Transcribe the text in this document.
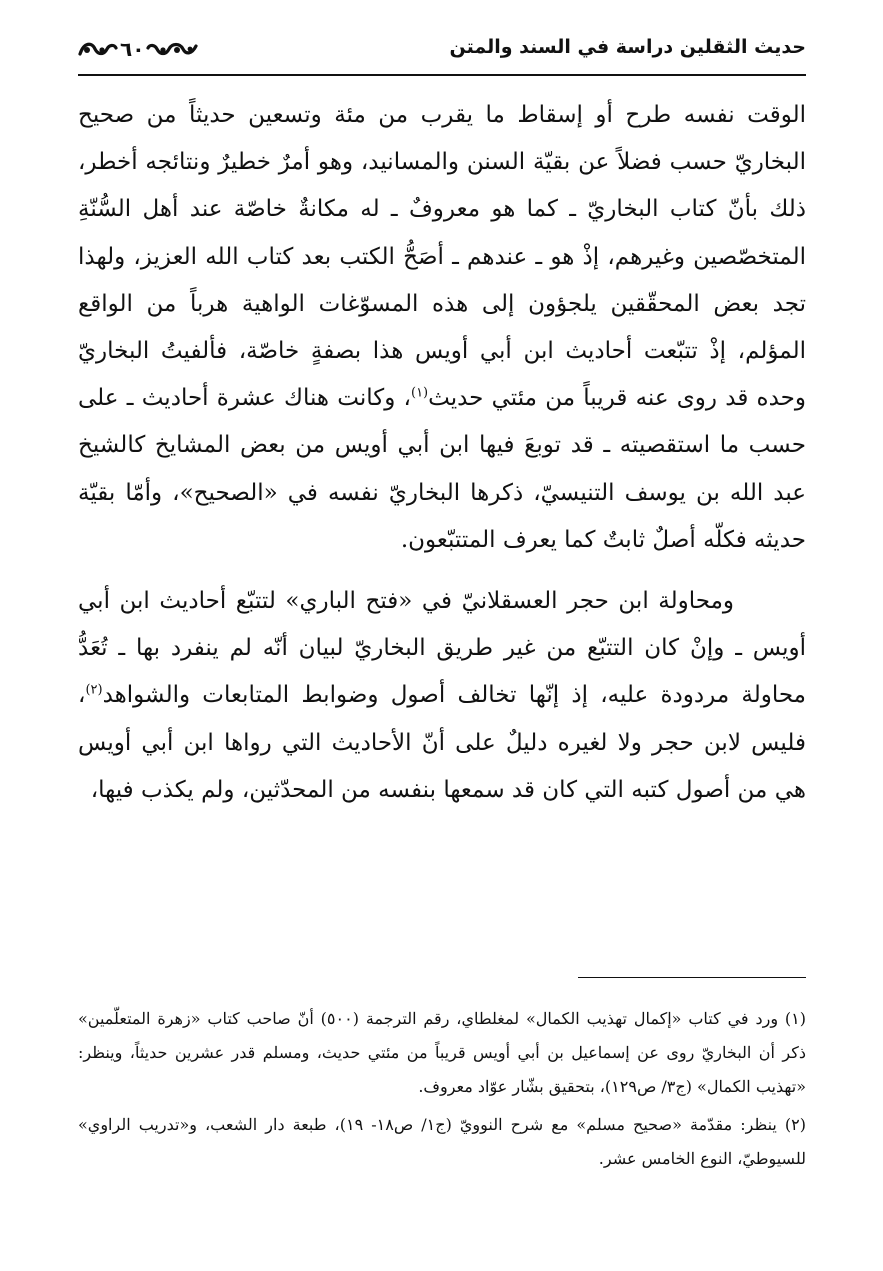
حديث الثقلين دراسة في السند والمتن
٦٠

الوقت نفسه طرح أو إسقاط ما يقرب من مئة وتسعين حديثاً من صحيح البخاريّ حسب فضلاً عن بقيّة السنن والمسانيد، وهو أمرٌ خطيرٌ ونتائجه أخطر، ذلك بأنّ كتاب البخاريّ ـ كما هو معروفٌ ـ له مكانةٌ خاصّة عند أهل السُّنّةِ المتخصّصين وغيرهم، إذْ هو ـ عندهم ـ أصَحُّ الكتب بعد كتاب الله العزيز، ولهذا تجد بعض المحقّقين يلجؤون إلى هذه المسوّغات الواهية هرباً من الواقع المؤلم، إذْ تتبّعت أحاديث ابن أبي أويس هذا بصفةٍ خاصّة، فألفيتُ البخاريّ وحده قد روى عنه قريباً من مئتي حديث$^{(١)}$، وكانت هناك عشرة أحاديث ـ على حسب ما استقصيته ـ قد توبعَ فيها ابن أبي أويس من بعض المشايخ كالشيخ عبد الله بن يوسف التنيسيّ، ذكرها البخاريّ نفسه في «الصحيح»، وأمّا بقيّة حديثه فكلّه أصلٌ ثابتٌ كما يعرف المتتبّعون.

ومحاولة ابن حجر العسقلانيّ في «فتح الباري» لتتبّع أحاديث ابن أبي أويس ـ وإنْ كان التتبّع من غير طريق البخاريّ لبيان أنّه لم ينفرد بها ـ تُعَدُّ محاولة مردودة عليه، إذ إنّها تخالف أصول وضوابط المتابعات والشواهد$^{(٢)}$، فليس لابن حجر ولا لغيره دليلٌ على أنّ الأحاديث التي رواها ابن أبي أويس هي من أصول كتبه التي كان قد سمعها بنفسه من المحدّثين، ولم يكذب فيها،

(١) ورد في كتاب «إكمال تهذيب الكمال» لمغلطاي، رقم الترجمة (٥٠٠) أنّ صاحب كتاب «زهرة المتعلّمين» ذكر أن البخاريّ روى عن إسماعيل بن أبي أويس قريباً من مئتي حديث، ومسلم قدر عشرين حديثاً، وينظر: «تهذيب الكمال» (ج٣/ ص١٢٩)، بتحقيق بشّار عوّاد معروف.

(٢) ينظر: مقدّمة «صحيح مسلم» مع شرح النوويّ (ج١/ ص١٨- ١٩)، طبعة دار الشعب، و«تدريب الراوي» للسيوطيّ، النوع الخامس عشر.
